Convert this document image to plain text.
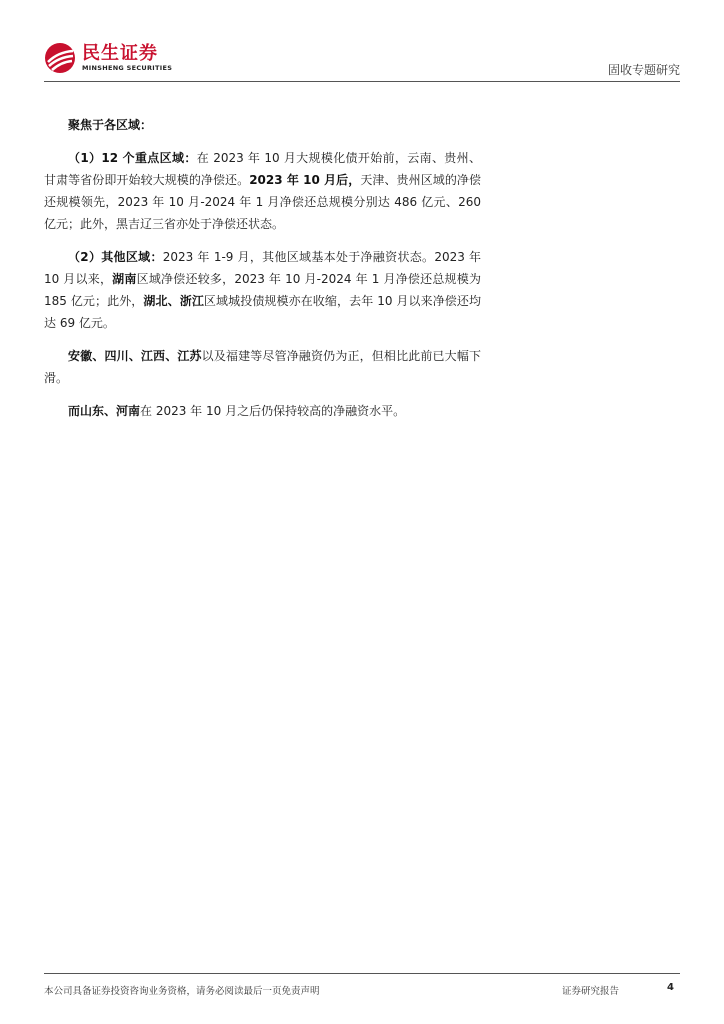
民生证券
MINSHENG SECURITIES	固收专题研究

聚焦于各区域：

（1）12 个重点区域：在 2023 年 10 月大规模化债开始前，云南、贵州、甘肃等省份即开始较大规模的净偿还。2023 年 10 月后，天津、贵州区域的净偿还规模领先，2023 年 10 月-2024 年 1 月净偿还总规模分别达 486 亿元、260 亿元；此外，黑吉辽三省亦处于净偿还状态。

（2）其他区域：2023 年 1-9 月，其他区域基本处于净融资状态。2023 年 10 月以来，湖南区域净偿还较多，2023 年 10 月-2024 年 1 月净偿还总规模为 185 亿元；此外，湖北、浙江区域城投债规模亦在收缩，去年 10 月以来净偿还均达 69 亿元。

安徽、四川、江西、江苏以及福建等尽管净融资仍为正，但相比此前已大幅下滑。

而山东、河南在 2023 年 10 月之后仍保持较高的净融资水平。

本公司具备证券投资咨询业务资格，请务必阅读最后一页免责声明	证券研究报告	4
